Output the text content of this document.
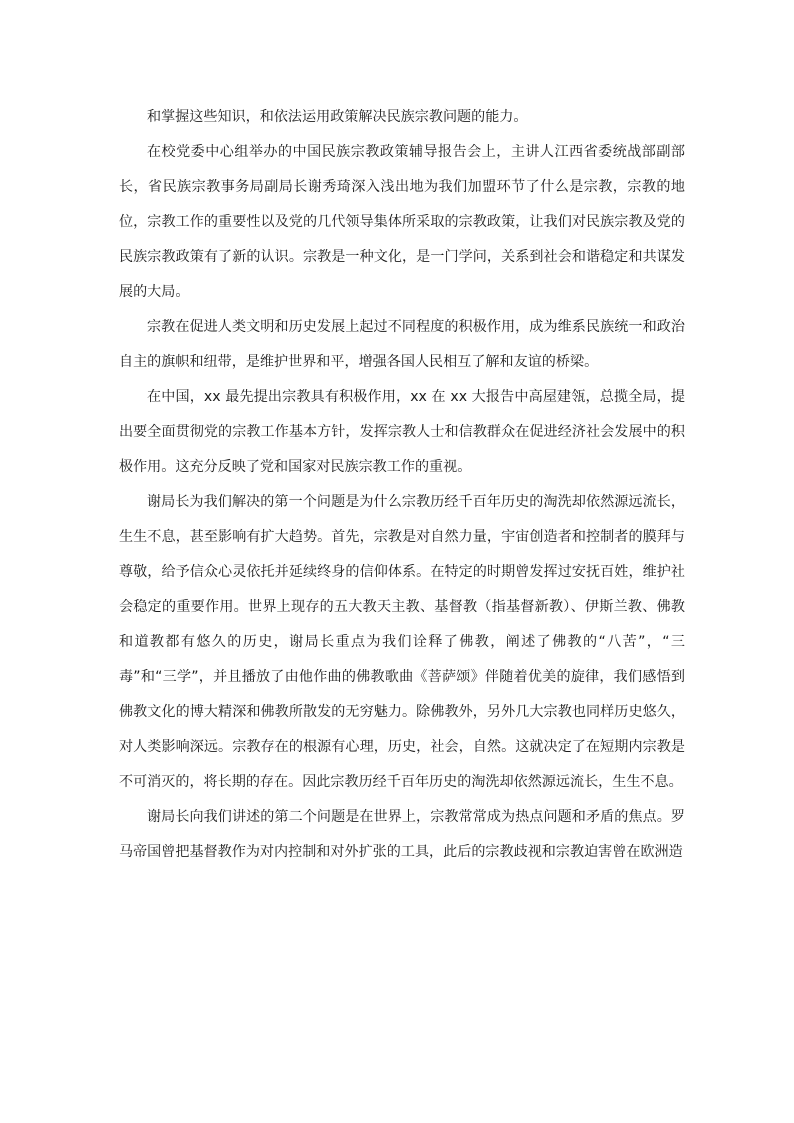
和掌握这些知识，和依法运用政策解决民族宗教问题的能力。

在校党委中心组举办的中国民族宗教政策辅导报告会上，主讲人江西省委统战部副部长，省民族宗教事务局副局长谢秀琦深入浅出地为我们加盟环节了什么是宗教，宗教的地位，宗教工作的重要性以及党的几代领导集体所采取的宗教政策，让我们对民族宗教及党的民族宗教政策有了新的认识。宗教是一种文化，是一门学问，关系到社会和谐稳定和共谋发展的大局。

宗教在促进人类文明和历史发展上起过不同程度的积极作用，成为维系民族统一和政治自主的旗帜和纽带，是维护世界和平，增强各国人民相互了解和友谊的桥梁。

在中国，xx 最先提出宗教具有积极作用，xx 在 xx 大报告中高屋建瓴，总揽全局，提出要全面贯彻党的宗教工作基本方针，发挥宗教人士和信教群众在促进经济社会发展中的积极作用。这充分反映了党和国家对民族宗教工作的重视。

谢局长为我们解决的第一个问题是为什么宗教历经千百年历史的淘洗却依然源远流长，生生不息，甚至影响有扩大趋势。首先，宗教是对自然力量，宇宙创造者和控制者的膜拜与尊敬，给予信众心灵依托并延续终身的信仰体系。在特定的时期曾发挥过安抚百姓，维护社会稳定的重要作用。世界上现存的五大教天主教、基督教（指基督新教）、伊斯兰教、佛教和道教都有悠久的历史，谢局长重点为我们诠释了佛教，阐述了佛教的“八苦”，“三毒”和“三学”，并且播放了由他作曲的佛教歌曲《菩萨颂》伴随着优美的旋律，我们感悟到佛教文化的博大精深和佛教所散发的无穷魅力。除佛教外，另外几大宗教也同样历史悠久，对人类影响深远。宗教存在的根源有心理，历史，社会，自然。这就决定了在短期内宗教是不可消灭的，将长期的存在。因此宗教历经千百年历史的淘洗却依然源远流长，生生不息。

谢局长向我们讲述的第二个问题是在世界上，宗教常常成为热点问题和矛盾的焦点。罗马帝国曾把基督教作为对内控制和对外扩张的工具，此后的宗教歧视和宗教迫害曾在欧洲造
